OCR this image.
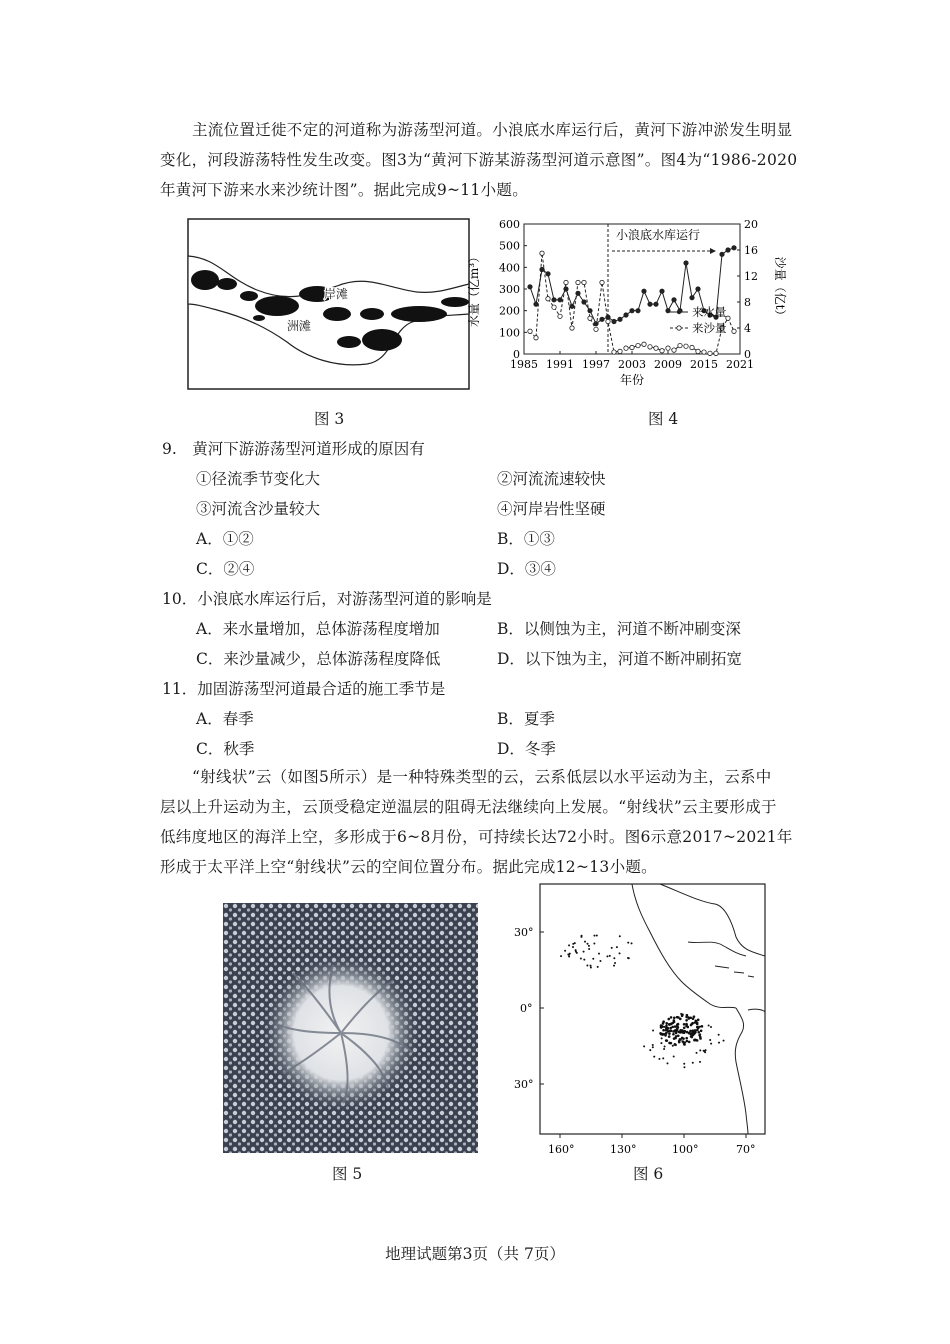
主流位置迁徙不定的河道称为游荡型河道。小浪底水库运行后，黄河下游冲淤发生明显
变化，河段游荡特性发生改变。图3为“黄河下游某游荡型河道示意图”。图4为“1986-2020
年黄河下游来水来沙统计图”。据此完成9~11小题。
岸滩
洲滩
图 3
0
100
200
300
400
500
600
0
4
8
12
16
20
1985 1991 1997 2003 2009 2015 2021
年份
水量（亿m³）	沙量（亿t）
小浪底水库运行
来水量
来沙量
图 4
9.　黄河下游游荡型河道形成的原因有
①径流季节变化大	②河流流速较快
③河流含沙量较大	④河岸岩性坚硬
A．①②	B．①③
C．②④	D．③④
10．小浪底水库运行后，对游荡型河道的影响是
A．来水量增加，总体游荡程度增加	B．以侧蚀为主，河道不断冲刷变深
C．来沙量减少，总体游荡程度降低	D．以下蚀为主，河道不断冲刷拓宽
11．加固游荡型河道最合适的施工季节是
A．春季	B．夏季
C．秋季	D．冬季
“射线状”云（如图5所示）是一种特殊类型的云，云系低层以水平运动为主，云系中
层以上升运动为主，云顶受稳定逆温层的阻碍无法继续向上发展。“射线状”云主要形成于
低纬度地区的海洋上空，多形成于6~8月份，可持续长达72小时。图6示意2017~2021年
形成于太平洋上空“射线状”云的空间位置分布。据此完成12~13小题。
图 5
30°
0°
30°
160°	130°	100°	70°
图 6
地理试题第3页（共 7页）
